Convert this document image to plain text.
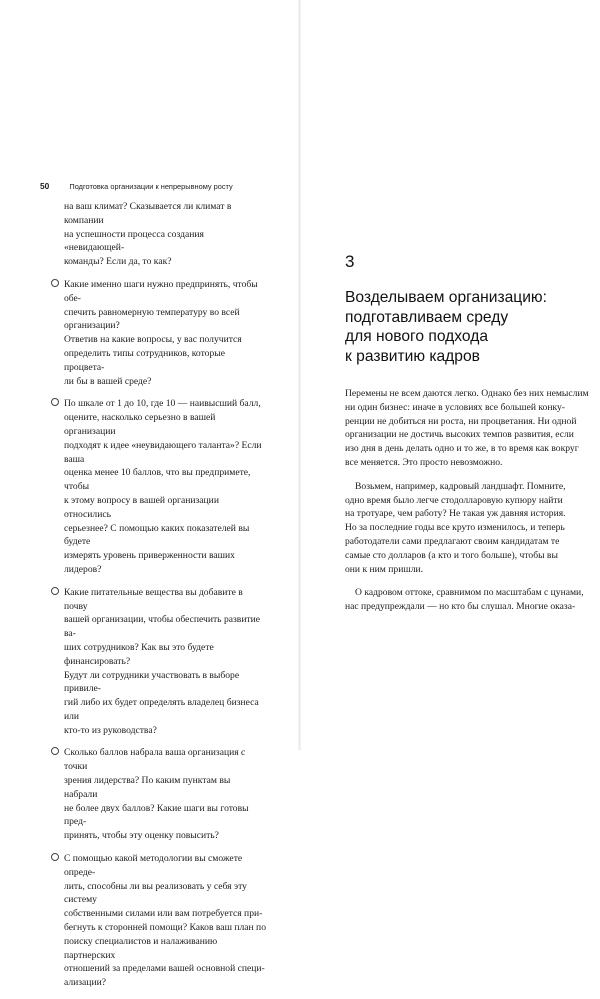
50	Подготовка организации к непрерывному росту
на ваш климат? Сказывается ли климат в компании
на успешности процесса создания «невидающей-
команды? Если да, то как?
Какие именно шаги нужно предпринять, чтобы обе-
спечить равномерную температуру во всей организации?
Ответив на какие вопросы, у вас получится
определить типы сотрудников, которые процвета-
ли бы в вашей среде?
По шкале от 1 до 10, где 10 — наивысший балл,
оцените, насколько серьезно в вашей организации
подходят к идее «неувидающего таланта»? Если ваша
оценка менее 10 баллов, что вы предпримете, чтобы
к этому вопросу в вашей организации относились
серьезнее? С помощью каких показателей вы будете
измерять уровень приверженности ваших лидеров?
Какие питательные вещества вы добавите в почву
вашей организации, чтобы обеспечить развитие ва-
ших сотрудников? Как вы это будете финансировать?
Будут ли сотрудники участвовать в выборе привиле-
гий либо их будет определять владелец бизнеса или
кто-то из руководства?
Сколько баллов набрала ваша организация с точки
зрения лидерства? По каким пунктам вы набрали
не более двух баллов? Какие шаги вы готовы пред-
принять, чтобы эту оценку повысить?
С помощью какой методологии вы сможете опреде-
лить, способны ли вы реализовать у себя эту систему
собственными силами или вам потребуется при-
бегнуть к сторонней помощи? Каков ваш план по
поиску специалистов и налаживанию партнерских
отношений за пределами вашей основной специ-
ализации?
3
Возделываем организацию:
подготавливаем среду
для нового подхода
к развитию кадров

Перемены не всем даются легко. Однако без них немыслим
ни один бизнес: иначе в условиях все большей конку-
ренции не добиться ни роста, ни процветания. Ни одной
организации не достичь высоких темпов развития, если
изо дня в день делать одно и то же, в то время как вокруг
все меняется. Это просто невозможно.

Возьмем, например, кадровый ландшафт. Помните,
одно время было легче стодолларовую купюру найти
на тротуаре, чем работу? Не такая уж давняя история.
Но за последние годы все круто изменилось, и теперь
работодатели сами предлагают своим кандидатам те
самые сто долларов (а кто и того больше), чтобы вы
они к ним пришли.

О кадровом оттоке, сравнимом по масштабам с цунами,
нас предупреждали — но кто бы слушал. Многие оказа-
